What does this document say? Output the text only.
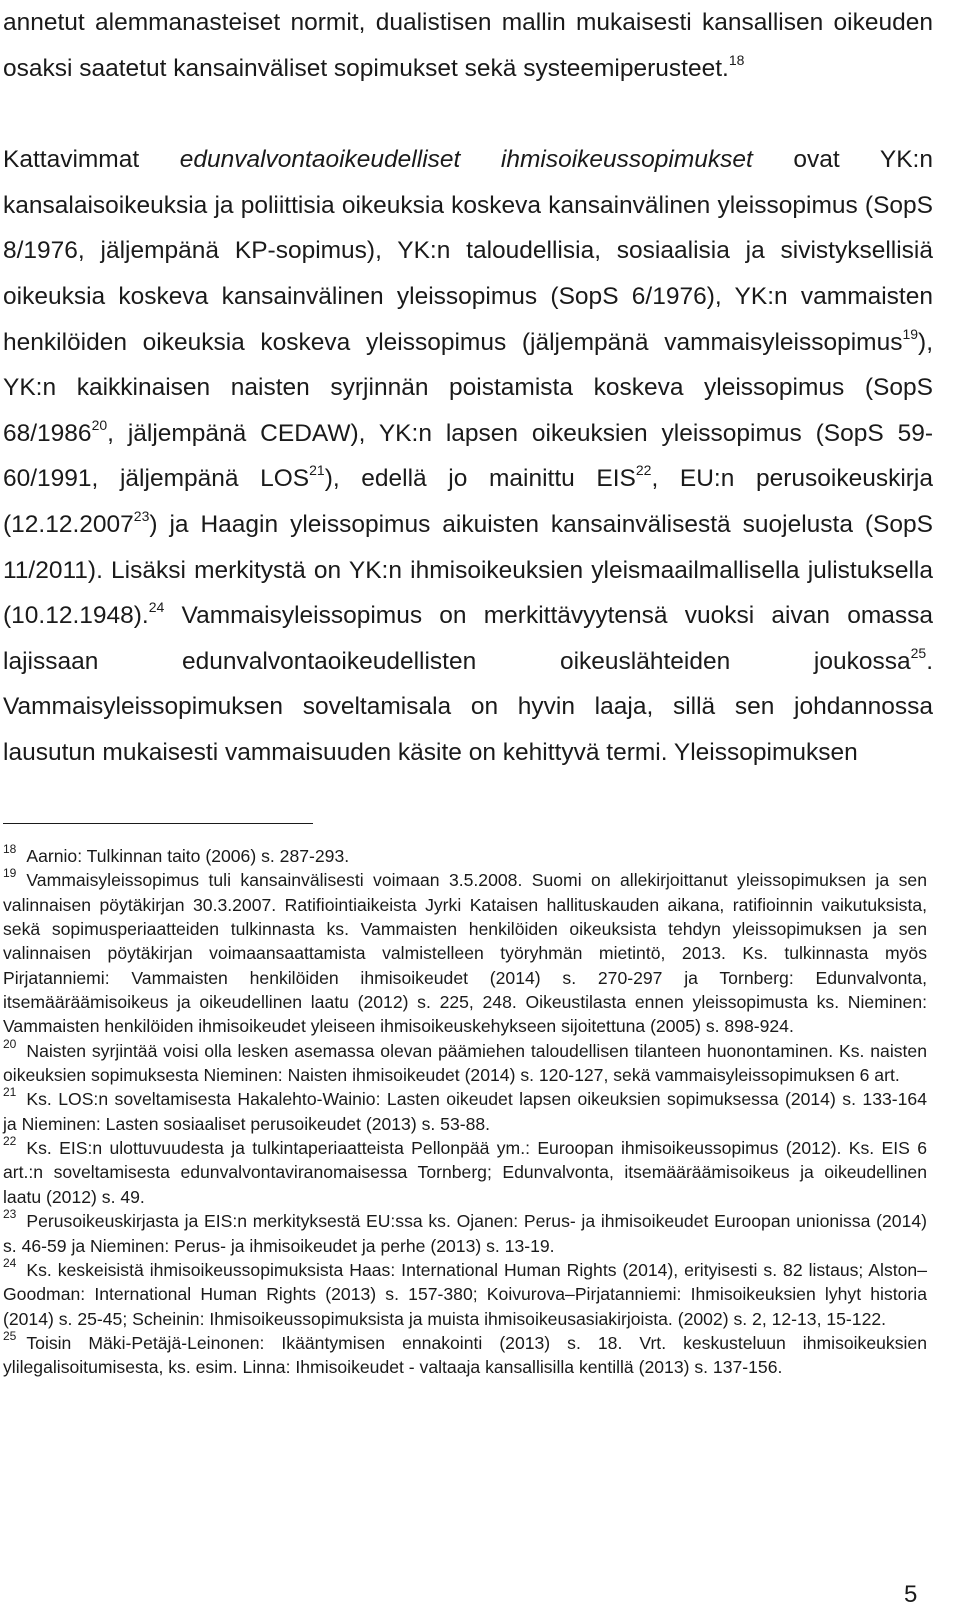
annetut alemmanasteiset normit, dualistisen mallin mukaisesti kansallisen oikeuden osaksi saatetut kansainväliset sopimukset sekä systeemiperusteet.$^{18}$

Kattavimmat edunvalvontaoikeudelliset ihmisoikeussopimukset ovat YK:n kansalaisoikeuksia ja poliittisia oikeuksia koskeva kansainvälinen yleissopimus (SopS 8/1976, jäljempänä KP-sopimus), YK:n taloudellisia, sosiaalisia ja sivistyksellisiä oikeuksia koskeva kansainvälinen yleissopimus (SopS 6/1976), YK:n vammaisten henkilöiden oikeuksia koskeva yleissopimus (jäljempänä vammaisyleissopimus$^{19}$), YK:n kaikkinaisen naisten syrjinnän poistamista koskeva yleissopimus (SopS 68/1986$^{20}$, jäljempänä CEDAW), YK:n lapsen oikeuksien yleissopimus (SopS 59-60/1991, jäljempänä LOS$^{21}$), edellä jo mainittu EIS$^{22}$, EU:n perusoikeuskirja (12.12.2007$^{23}$) ja Haagin yleissopimus aikuisten kansainvälisestä suojelusta (SopS 11/2011). Lisäksi merkitystä on YK:n ihmisoikeuksien yleismaailmallisella julistuksella (10.12.1948).$^{24}$ Vammaisyleissopimus on merkittävyytensä vuoksi aivan omassa lajissaan edunvalvontaoikeudellisten oikeuslähteiden joukossa$^{25}$. Vammaisyleissopimuksen soveltamisala on hyvin laaja, sillä sen johdannossa lausutun mukaisesti vammaisuuden käsite on kehittyvä termi. Yleissopimuksen

$^{18}$ Aarnio: Tulkinnan taito (2006) s. 287-293.

$^{19}$ Vammaisyleissopimus tuli kansainvälisesti voimaan 3.5.2008. Suomi on allekirjoittanut yleissopimuksen ja sen valinnaisen pöytäkirjan 30.3.2007. Ratifiointiaikeista Jyrki Kataisen hallituskauden aikana, ratifioinnin vaikutuksista, sekä sopimusperiaatteiden tulkinnasta ks. Vammaisten henkilöiden oikeuksista tehdyn yleissopimuksen ja sen valinnaisen pöytäkirjan voimaansaattamista valmistelleen työryhmän mietintö, 2013. Ks. tulkinnasta myös Pirjatanniemi: Vammaisten henkilöiden ihmisoikeudet (2014) s. 270-297 ja Tornberg: Edunvalvonta, itsemääräämisoikeus ja oikeudellinen laatu (2012) s. 225, 248. Oikeustilasta ennen yleissopimusta ks. Nieminen: Vammaisten henkilöiden ihmisoikeudet yleiseen ihmisoikeuskehykseen sijoitettuna (2005) s. 898-924.

$^{20}$ Naisten syrjintää voisi olla lesken asemassa olevan päämiehen taloudellisen tilanteen huonontaminen. Ks. naisten oikeuksien sopimuksesta Nieminen: Naisten ihmisoikeudet (2014) s. 120-127, sekä vammaisyleissopimuksen 6 art.

$^{21}$ Ks. LOS:n soveltamisesta Hakalehto-Wainio: Lasten oikeudet lapsen oikeuksien sopimuksessa (2014) s. 133-164 ja Nieminen: Lasten sosiaaliset perusoikeudet (2013) s. 53-88.

$^{22}$ Ks. EIS:n ulottuvuudesta ja tulkintaperiaatteista Pellonpää ym.: Euroopan ihmisoikeussopimus (2012). Ks. EIS 6 art.:n soveltamisesta edunvalvontaviranomaisessa Tornberg; Edunvalvonta, itsemääräämisoikeus ja oikeudellinen laatu (2012) s. 49.

$^{23}$ Perusoikeuskirjasta ja EIS:n merkityksestä EU:ssa ks. Ojanen: Perus- ja ihmisoikeudet Euroopan unionissa (2014) s. 46-59 ja Nieminen: Perus- ja ihmisoikeudet ja perhe (2013) s. 13-19.

$^{24}$ Ks. keskeisistä ihmisoikeussopimuksista Haas: International Human Rights (2014), erityisesti s. 82 listaus; Alston–Goodman: International Human Rights (2013) s. 157-380; Koivurova–Pirjatanniemi: Ihmisoikeuksien lyhyt historia (2014) s. 25-45; Scheinin: Ihmisoikeussopimuksista ja muista ihmisoikeusasiakirjoista. (2002) s. 2, 12-13, 15-122.

$^{25}$ Toisin Mäki-Petäjä-Leinonen: Ikääntymisen ennakointi (2013) s. 18. Vrt. keskusteluun ihmisoikeuksien ylilegalisoitumisesta, ks. esim. Linna: Ihmisoikeudet - valtaaja kansallisilla kentillä (2013) s. 137-156.

5
